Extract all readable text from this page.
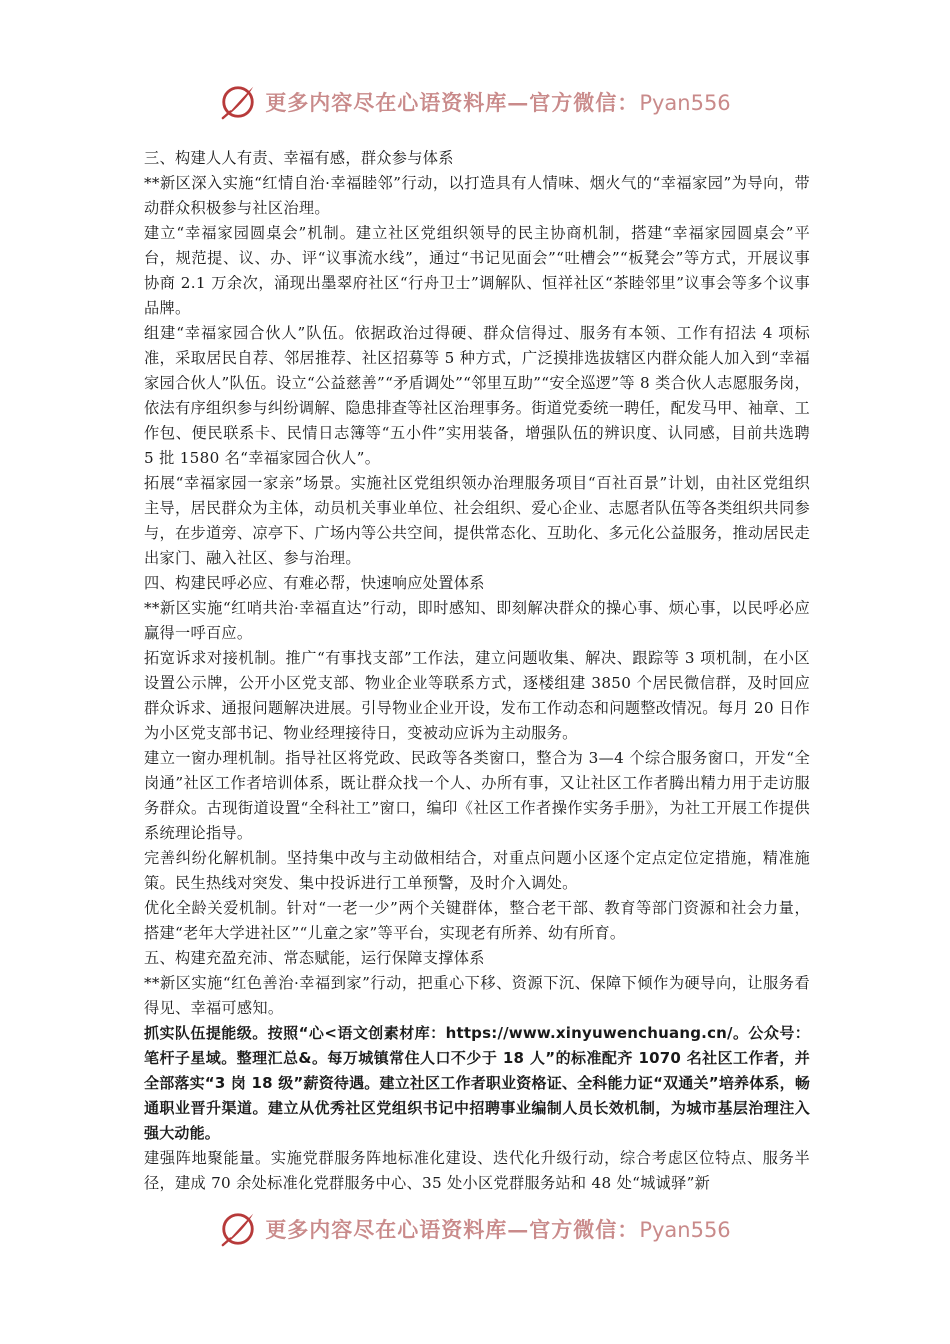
更多内容尽在心语资料库—官方微信：Pyan556

三、构建人人有责、幸福有感，群众参与体系

**新区深入实施“红情自治·幸福睦邻”行动，以打造具有人情味、烟火气的“幸福家园”为导向，带动群众积极参与社区治理。

建立“幸福家园圆桌会”机制。建立社区党组织领导的民主协商机制，搭建“幸福家园圆桌会”平台，规范提、议、办、评“议事流水线”，通过“书记见面会”“吐槽会”“板凳会”等方式，开展议事协商 2.1 万余次，涌现出墨翠府社区“行舟卫士”调解队、恒祥社区“茶睦邻里”议事会等多个议事品牌。

组建“幸福家园合伙人”队伍。依据政治过得硬、群众信得过、服务有本领、工作有招法 4 项标准，采取居民自荐、邻居推荐、社区招募等 5 种方式，广泛摸排选拔辖区内群众能人加入到“幸福家园合伙人”队伍。设立“公益慈善”“矛盾调处”“邻里互助”“安全巡逻”等 8 类合伙人志愿服务岗，依法有序组织参与纠纷调解、隐患排查等社区治理事务。街道党委统一聘任，配发马甲、袖章、工作包、便民联系卡、民情日志簿等“五小件”实用装备，增强队伍的辨识度、认同感，目前共选聘 5 批 1580 名“幸福家园合伙人”。

拓展“幸福家园一家亲”场景。实施社区党组织领办治理服务项目“百社百景”计划，由社区党组织主导，居民群众为主体，动员机关事业单位、社会组织、爱心企业、志愿者队伍等各类组织共同参与，在步道旁、凉亭下、广场内等公共空间，提供常态化、互助化、多元化公益服务，推动居民走出家门、融入社区、参与治理。

四、构建民呼必应、有难必帮，快速响应处置体系

**新区实施“红哨共治·幸福直达”行动，即时感知、即刻解决群众的操心事、烦心事，以民呼必应赢得一呼百应。

拓宽诉求对接机制。推广“有事找支部”工作法，建立问题收集、解决、跟踪等 3 项机制，在小区设置公示牌，公开小区党支部、物业企业等联系方式，逐楼组建 3850 个居民微信群，及时回应群众诉求、通报问题解决进展。引导物业企业开设，发布工作动态和问题整改情况。每月 20 日作为小区党支部书记、物业经理接待日，变被动应诉为主动服务。

建立一窗办理机制。指导社区将党政、民政等各类窗口，整合为 3—4 个综合服务窗口，开发“全岗通”社区工作者培训体系，既让群众找一个人、办所有事，又让社区工作者腾出精力用于走访服务群众。古现街道设置“全科社工”窗口，编印《社区工作者操作实务手册》，为社工开展工作提供系统理论指导。

完善纠纷化解机制。坚持集中改与主动做相结合，对重点问题小区逐个定点定位定措施，精准施策。民生热线对突发、集中投诉进行工单预警，及时介入调处。

优化全龄关爱机制。针对“一老一少”两个关键群体，整合老干部、教育等部门资源和社会力量，搭建“老年大学进社区”“儿童之家”等平台，实现老有所养、幼有所育。

五、构建充盈充沛、常态赋能，运行保障支撑体系

**新区实施“红色善治·幸福到家”行动，把重心下移、资源下沉、保障下倾作为硬导向，让服务看得见、幸福可感知。

抓实队伍提能级。按照“心<语文创素材库：https://www.xinyuwenchuang.cn/。公众号：笔杆子星域。整理汇总&。每万城镇常住人口不少于 18 人”的标准配齐 1070 名社区工作者，并全部落实“3 岗 18 级”薪资待遇。建立社区工作者职业资格证、全科能力证“双通关”培养体系，畅通职业晋升渠道。建立从优秀社区党组织书记中招聘事业编制人员长效机制，为城市基层治理注入强大动能。

建强阵地聚能量。实施党群服务阵地标准化建设、迭代化升级行动，综合考虑区位特点、服务半径，建成 70 余处标准化党群服务中心、35 处小区党群服务站和 48 处“城诚驿”新

更多内容尽在心语资料库—官方微信：Pyan556
